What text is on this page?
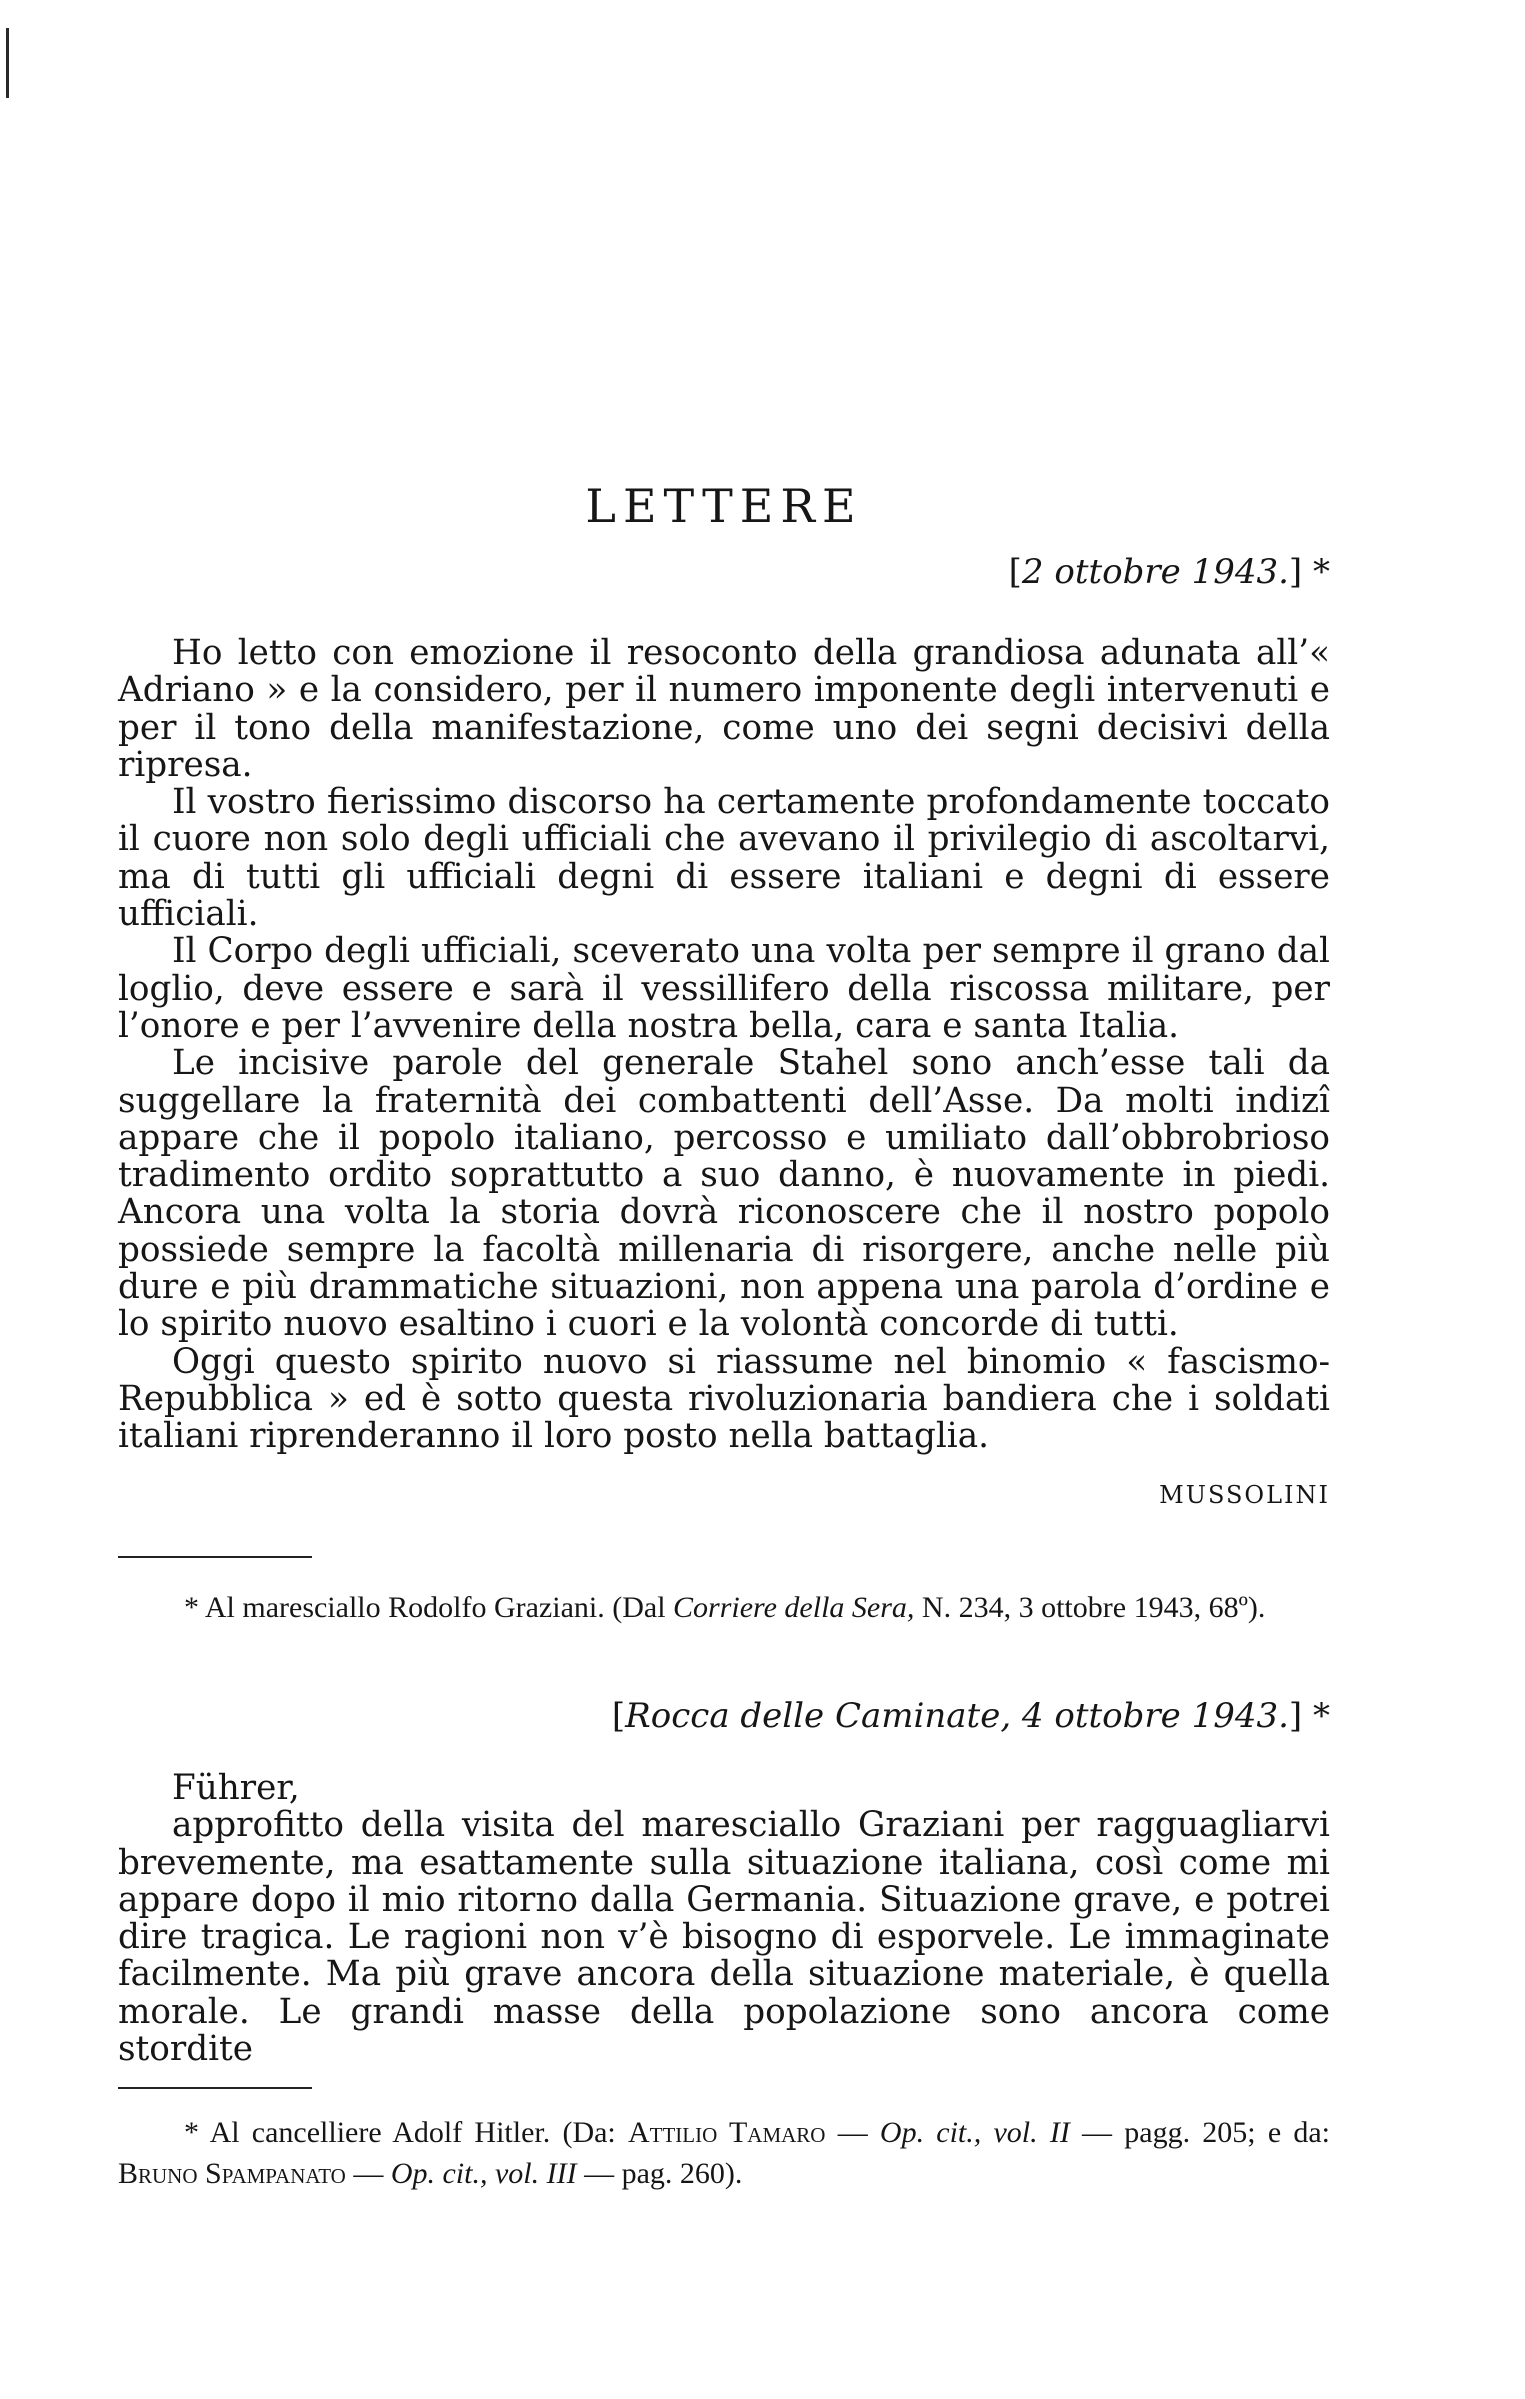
LETTERE
[2 ottobre 1943.] *

Ho letto con emozione il resoconto della grandiosa adunata all’« Adriano » e la considero, per il numero imponente degli intervenuti e per il tono della manifestazione, come uno dei segni decisivi della ripresa.

Il vostro fierissimo discorso ha certamente profondamente toccato il cuore non solo degli ufficiali che avevano il privilegio di ascoltarvi, ma di tutti gli ufficiali degni di essere italiani e degni di essere ufficiali.

Il Corpo degli ufficiali, sceverato una volta per sempre il grano dal loglio, deve essere e sarà il vessillifero della riscossa militare, per l’onore e per l’avvenire della nostra bella, cara e santa Italia.

Le incisive parole del generale Stahel sono anch’esse tali da suggellare la fraternità dei combattenti dell’Asse. Da molti indizî appare che il popolo italiano, percosso e umiliato dall’obbrobrioso tradimento ordito soprattutto a suo danno, è nuovamente in piedi. Ancora una volta la storia dovrà riconoscere che il nostro popolo possiede sempre la facoltà millenaria di risorgere, anche nelle più dure e più drammatiche situazioni, non appena una parola d’ordine e lo spirito nuovo esaltino i cuori e la volontà concorde di tutti.

Oggi questo spirito nuovo si riassume nel binomio « fascismo-Repubblica » ed è sotto questa rivoluzionaria bandiera che i soldati italiani riprenderanno il loro posto nella battaglia.

MUSSOLINI

* Al maresciallo Rodolfo Graziani. (Dal Corriere della Sera, N. 234, 3 ottobre 1943, 68º).

[Rocca delle Caminate, 4 ottobre 1943.] *

Führer,

approfitto della visita del maresciallo Graziani per ragguagliarvi brevemente, ma esattamente sulla situazione italiana, così come mi appare dopo il mio ritorno dalla Germania. Situazione grave, e potrei dire tragica. Le ragioni non v’è bisogno di esporvele. Le immaginate facilmente. Ma più grave ancora della situazione materiale, è quella morale. Le grandi masse della popolazione sono ancora come stordite

* Al cancelliere Adolf Hitler. (Da: Attilio Tamaro — Op. cit., vol. II — pagg. 205; e da: Bruno Spampanato — Op. cit., vol. III — pag. 260).
